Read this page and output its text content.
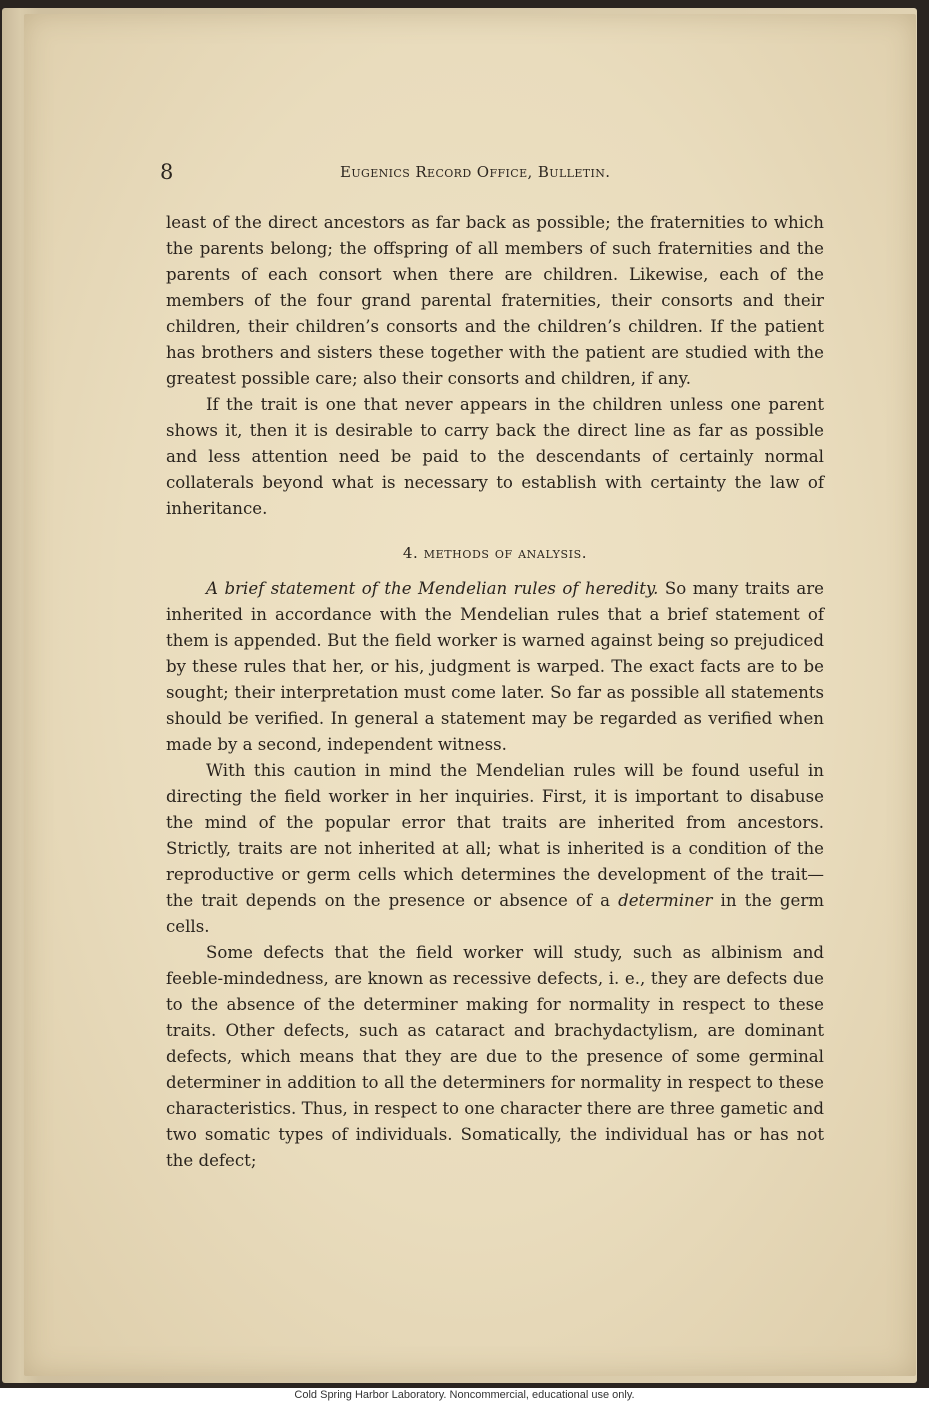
8	Eugenics Record Office, Bulletin.

least of the direct ancestors as far back as possible; the fraternities to which the parents belong; the offspring of all members of such fraternities and the parents of each consort when there are children. Likewise, each of the members of the four grand parental fraternities, their consorts and their children, their children’s consorts and the children’s children. If the patient has brothers and sisters these together with the patient are studied with the greatest possible care; also their consorts and children, if any.

If the trait is one that never appears in the children unless one parent shows it, then it is desirable to carry back the direct line as far as possible and less attention need be paid to the descendants of certainly normal collaterals beyond what is necessary to establish with certainty the law of inheritance.

4. methods of analysis.

A brief statement of the Mendelian rules of heredity. So many traits are inherited in accordance with the Mendelian rules that a brief statement of them is appended. But the field worker is warned against being so prejudiced by these rules that her, or his, judgment is warped. The exact facts are to be sought; their interpretation must come later. So far as possible all statements should be verified. In general a statement may be regarded as verified when made by a second, independent witness.

With this caution in mind the Mendelian rules will be found useful in directing the field worker in her inquiries. First, it is important to disabuse the mind of the popular error that traits are inherited from ancestors. Strictly, traits are not inherited at all; what is inherited is a condition of the reproductive or germ cells which determines the development of the trait—the trait depends on the presence or absence of a determiner in the germ cells.

Some defects that the field worker will study, such as albinism and feeble-mindedness, are known as recessive defects, i. e., they are defects due to the absence of the determiner making for normality in respect to these traits. Other defects, such as cataract and brachydactylism, are dominant defects, which means that they are due to the presence of some germinal determiner in addition to all the determiners for normality in respect to these characteristics. Thus, in respect to one character there are three gametic and two somatic types of individuals. Somatically, the individual has or has not the defect;

Cold Spring Harbor Laboratory. Noncommercial, educational use only.
